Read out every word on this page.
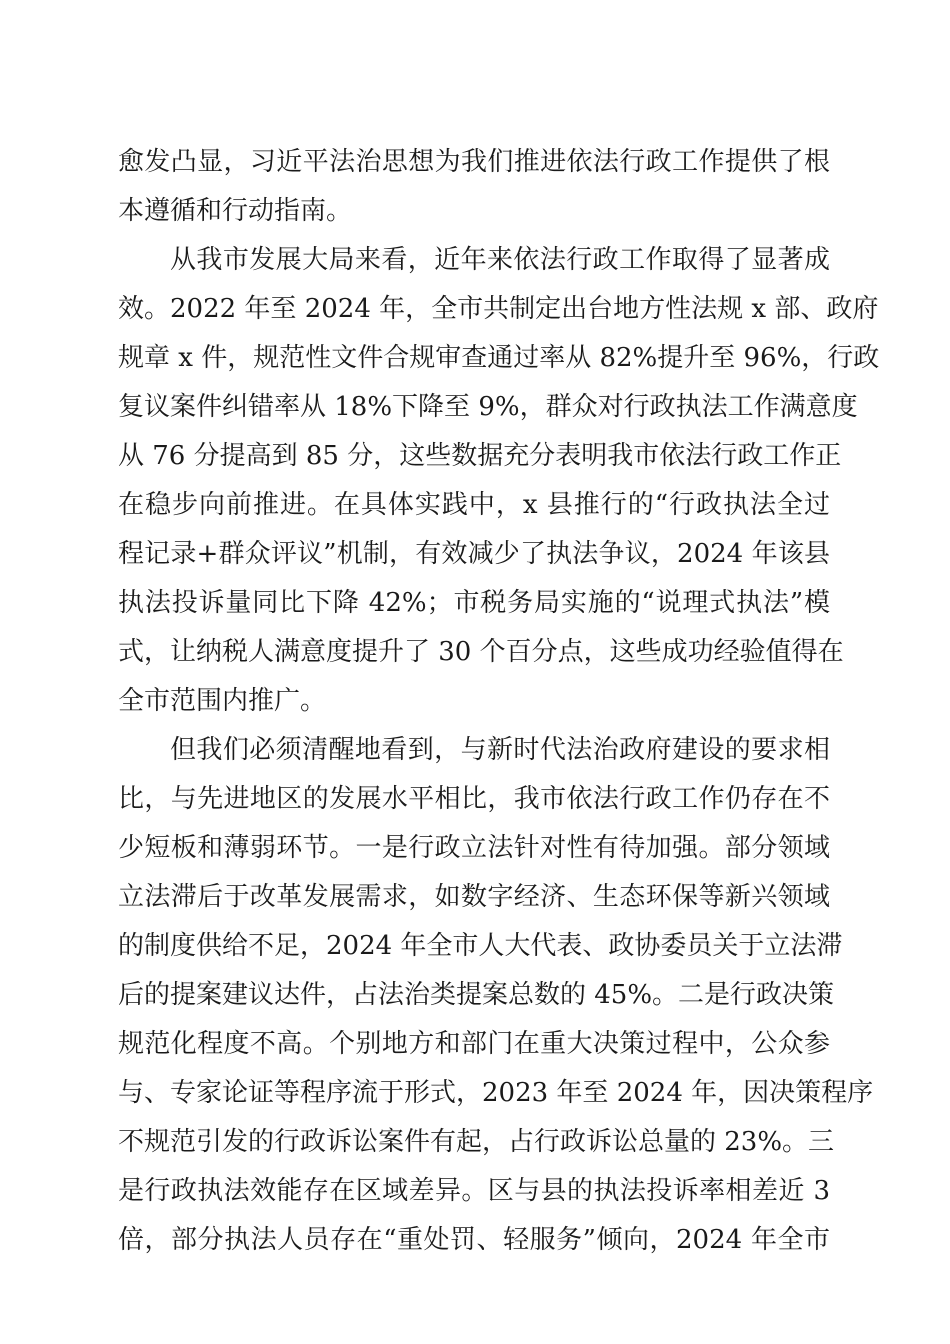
愈发凸显，习近平法治思想为我们推进依法行政工作提供了根
本遵循和行动指南。
从我市发展大局来看，近年来依法行政工作取得了显著成
效。2022 年至 2024 年，全市共制定出台地方性法规 x 部、政府
规章 x 件，规范性文件合规审查通过率从 82%提升至 96%，行政
复议案件纠错率从 18%下降至 9%，群众对行政执法工作满意度
从 76 分提高到 85 分，这些数据充分表明我市依法行政工作正
在稳步向前推进。在具体实践中，x 县推行的“行政执法全过
程记录+群众评议”机制，有效减少了执法争议，2024 年该县
执法投诉量同比下降 42%；市税务局实施的“说理式执法”模
式，让纳税人满意度提升了 30 个百分点，这些成功经验值得在
全市范围内推广。
但我们必须清醒地看到，与新时代法治政府建设的要求相
比，与先进地区的发展水平相比，我市依法行政工作仍存在不
少短板和薄弱环节。一是行政立法针对性有待加强。部分领域
立法滞后于改革发展需求，如数字经济、生态环保等新兴领域
的制度供给不足，2024 年全市人大代表、政协委员关于立法滞
后的提案建议达件，占法治类提案总数的 45%。二是行政决策
规范化程度不高。个别地方和部门在重大决策过程中，公众参
与、专家论证等程序流于形式，2023 年至 2024 年，因决策程序
不规范引发的行政诉讼案件有起，占行政诉讼总量的 23%。三
是行政执法效能存在区域差异。区与县的执法投诉率相差近 3
倍，部分执法人员存在“重处罚、轻服务”倾向，2024 年全市
